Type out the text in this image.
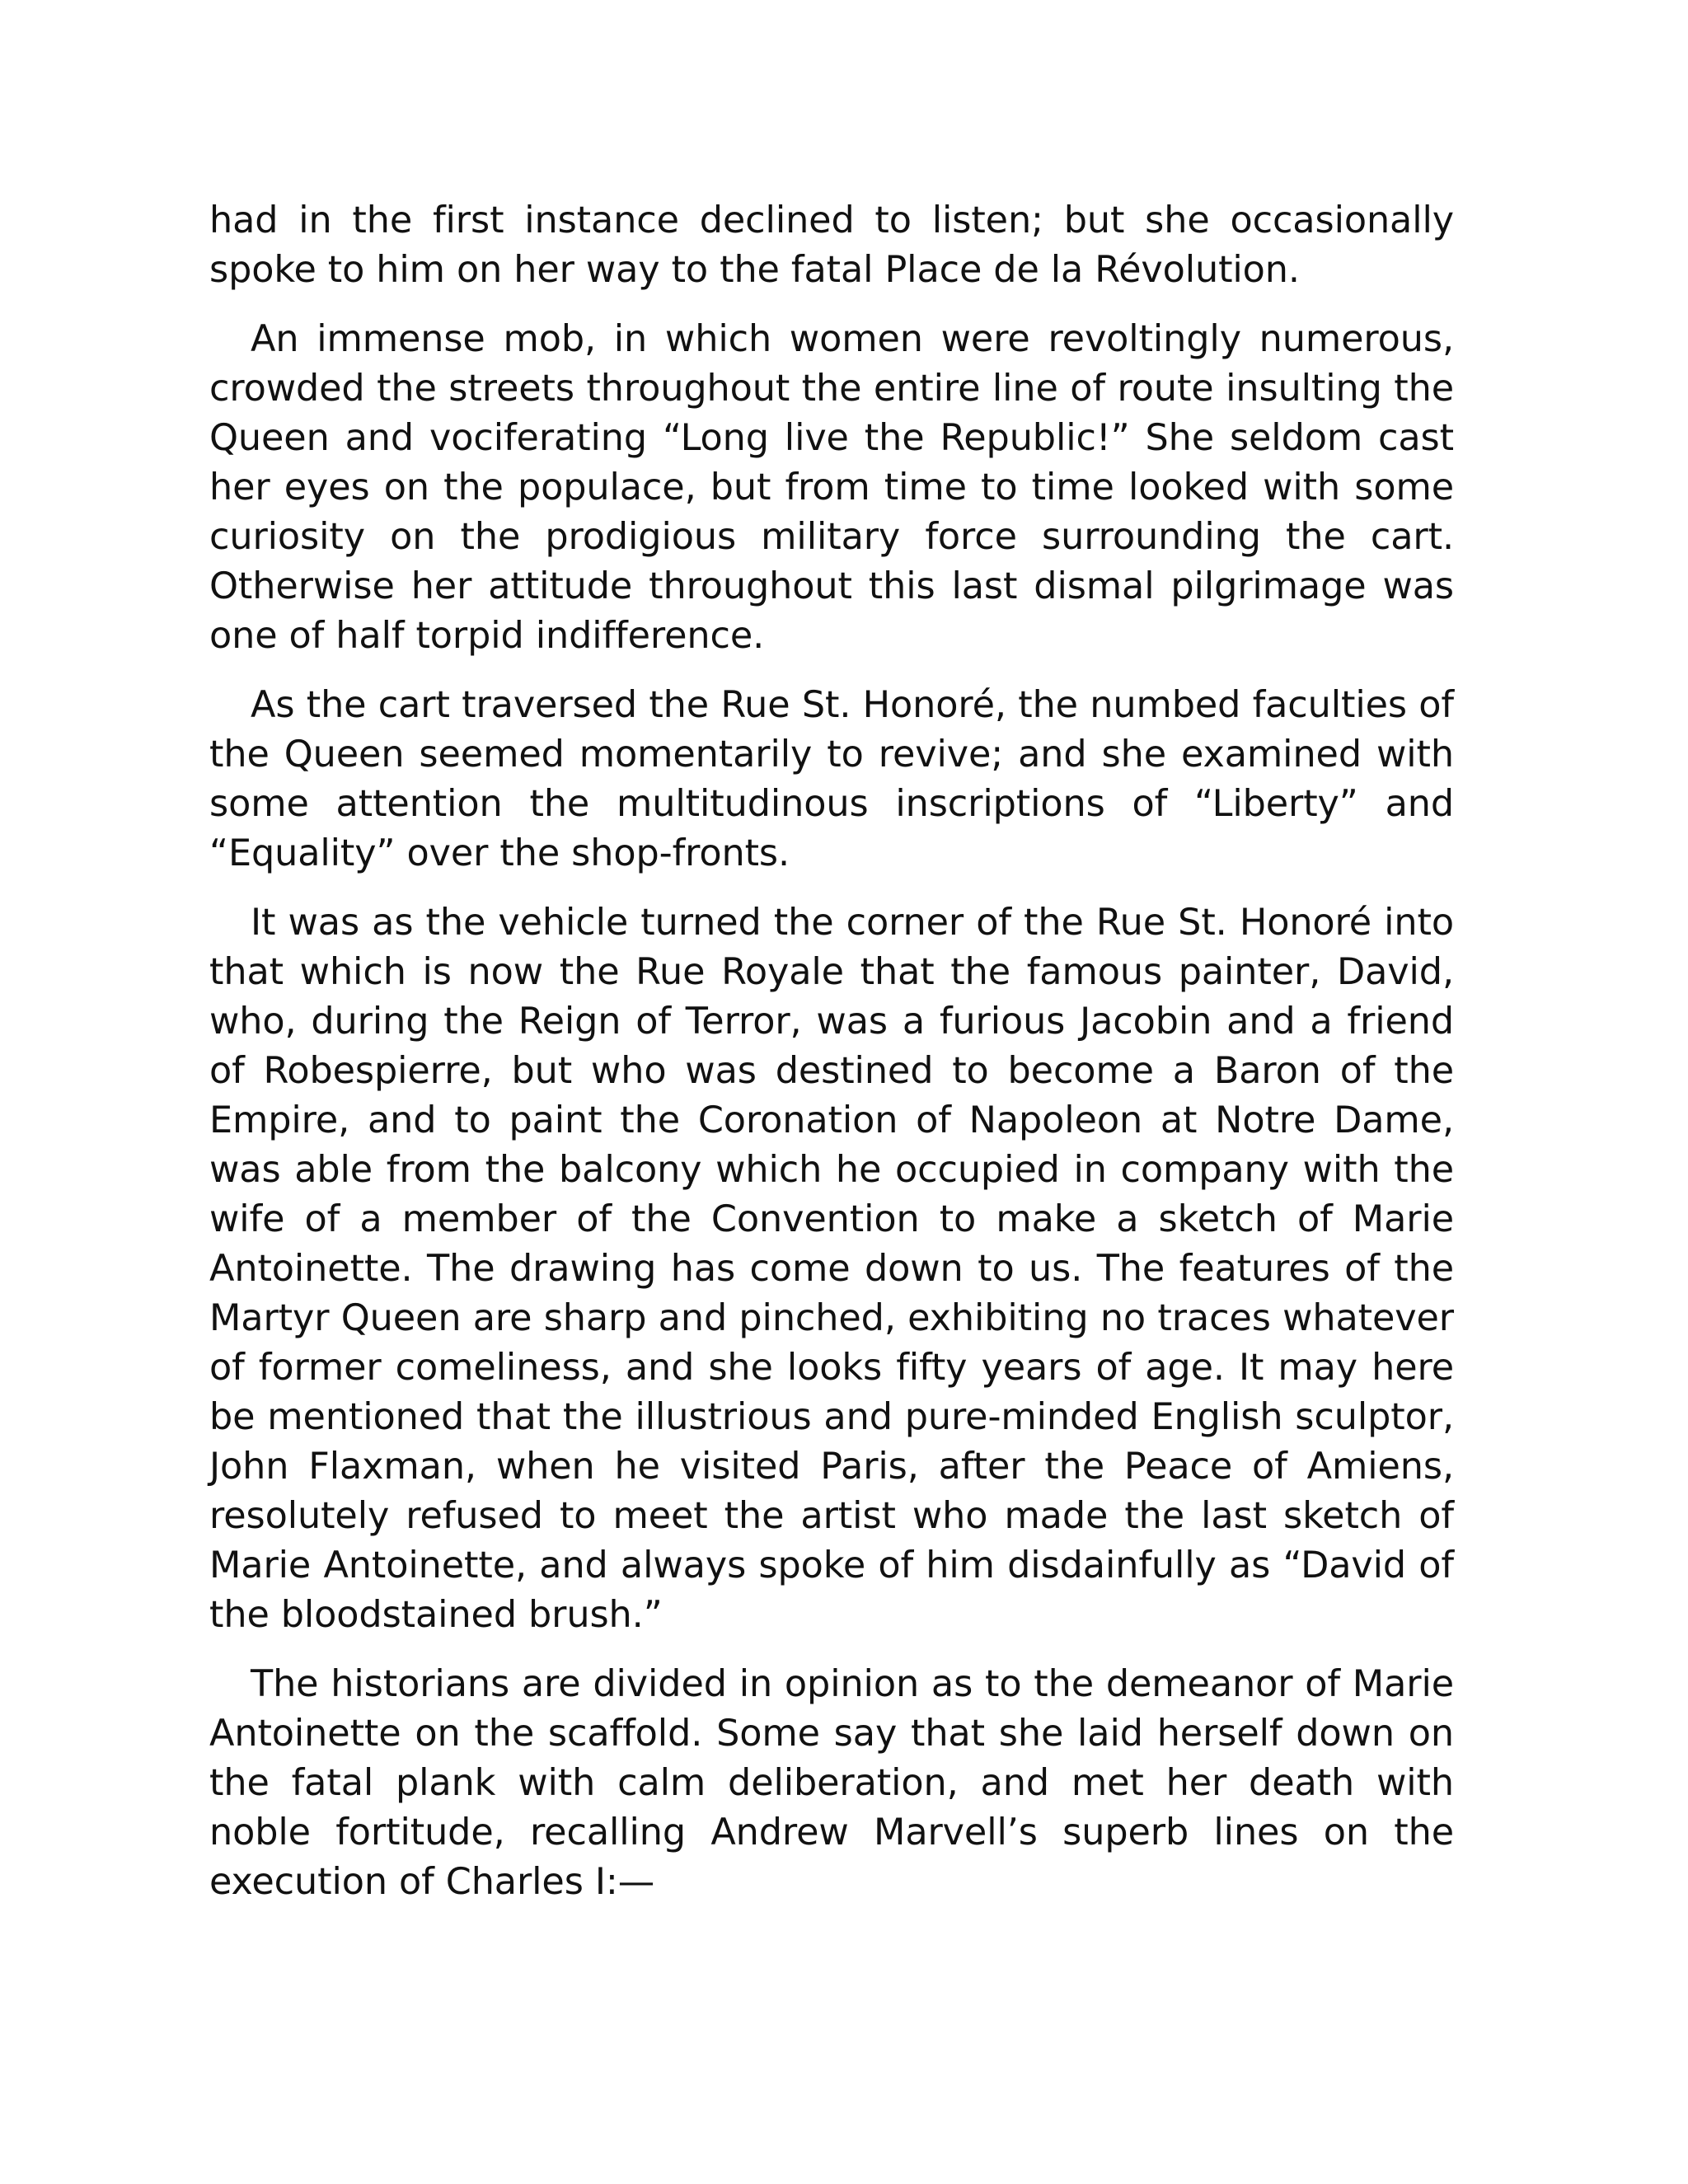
had in the first instance declined to listen; but she occasionally spoke to him on her way to the fatal Place de la Révolution.

An immense mob, in which women were revoltingly numerous, crowded the streets throughout the entire line of route insulting the Queen and vociferating “Long live the Republic!” She seldom cast her eyes on the populace, but from time to time looked with some curiosity on the prodigious military force surrounding the cart. Otherwise her attitude throughout this last dismal pilgrimage was one of half torpid indifference.

As the cart traversed the Rue St. Honoré, the numbed faculties of the Queen seemed momentarily to revive; and she examined with some attention the multitudinous inscriptions of “Liberty” and “Equality” over the shop-fronts.

It was as the vehicle turned the corner of the Rue St. Honoré into that which is now the Rue Royale that the famous painter, David, who, during the Reign of Terror, was a furious Jacobin and a friend of Robespierre, but who was destined to become a Baron of the Empire, and to paint the Coronation of Napoleon at Notre Dame, was able from the balcony which he occupied in company with the wife of a member of the Convention to make a sketch of Marie Antoinette. The drawing has come down to us. The features of the Martyr Queen are sharp and pinched, exhibiting no traces whatever of former comeliness, and she looks fifty years of age. It may here be mentioned that the illustrious and pure-minded English sculptor, John Flaxman, when he visited Paris, after the Peace of Amiens, resolutely refused to meet the artist who made the last sketch of Marie Antoinette, and always spoke of him disdainfully as “David of the bloodstained brush.”

The historians are divided in opinion as to the demeanor of Marie Antoinette on the scaffold. Some say that she laid herself down on the fatal plank with calm deliberation, and met her death with noble fortitude, recalling Andrew Marvell’s superb lines on the execution of Charles I:—
